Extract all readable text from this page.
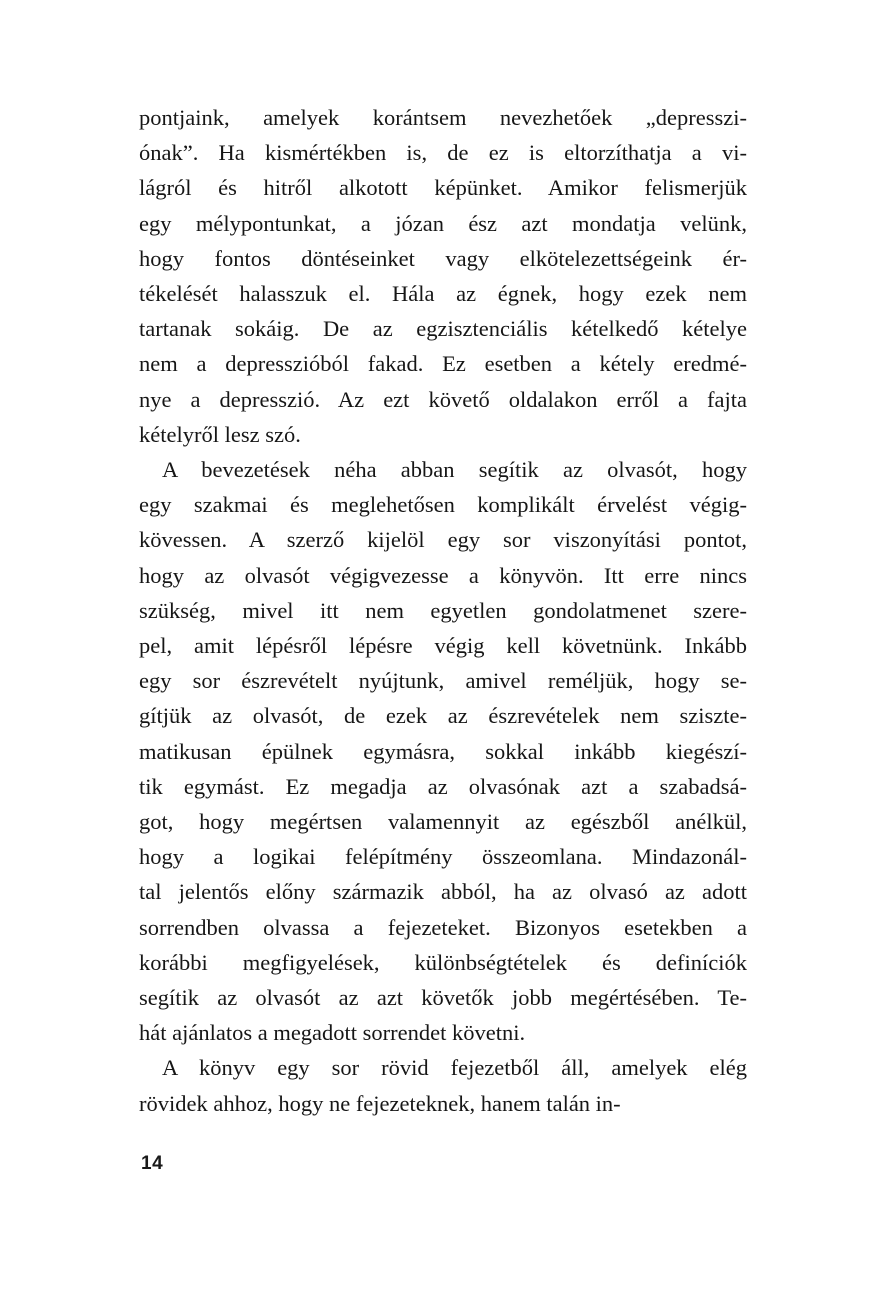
pontjaink, amelyek korántsem nevezhetőek „depresszi-
ónak”. Ha kismértékben is, de ez is eltorzíthatja a vi-
lágról és hitről alkotott képünket. Amikor felismerjük
egy mélypontunkat, a józan ész azt mondatja velünk,
hogy fontos döntéseinket vagy elkötelezettségeink ér-
tékelését halasszuk el. Hála az égnek, hogy ezek nem
tartanak sokáig. De az egzisztenciális kételkedő kételye
nem a depresszióból fakad. Ez esetben a kétely eredmé-
nye a depresszió. Az ezt követő oldalakon erről a fajta
kételyről lesz szó.
A bevezetések néha abban segítik az olvasót, hogy
egy szakmai és meglehetősen komplikált érvelést végig-
kövessen. A szerző kijelöl egy sor viszonyítási pontot,
hogy az olvasót végigvezesse a könyvön. Itt erre nincs
szükség, mivel itt nem egyetlen gondolatmenet szere-
pel, amit lépésről lépésre végig kell követnünk. Inkább
egy sor észrevételt nyújtunk, amivel reméljük, hogy se-
gítjük az olvasót, de ezek az észrevételek nem sziszte-
matikusan épülnek egymásra, sokkal inkább kiegészí-
tik egymást. Ez megadja az olvasónak azt a szabadsá-
got, hogy megértsen valamennyit az egészből anélkül,
hogy a logikai felépítmény összeomlana. Mindazonál-
tal jelentős előny származik abból, ha az olvasó az adott
sorrendben olvassa a fejezeteket. Bizonyos esetekben a
korábbi megfigyelések, különbségtételek és definíciók
segítik az olvasót az azt követők jobb megértésében. Te-
hát ajánlatos a megadott sorrendet követni.
A könyv egy sor rövid fejezetből áll, amelyek elég
rövidek ahhoz, hogy ne fejezeteknek, hanem talán in-
14
